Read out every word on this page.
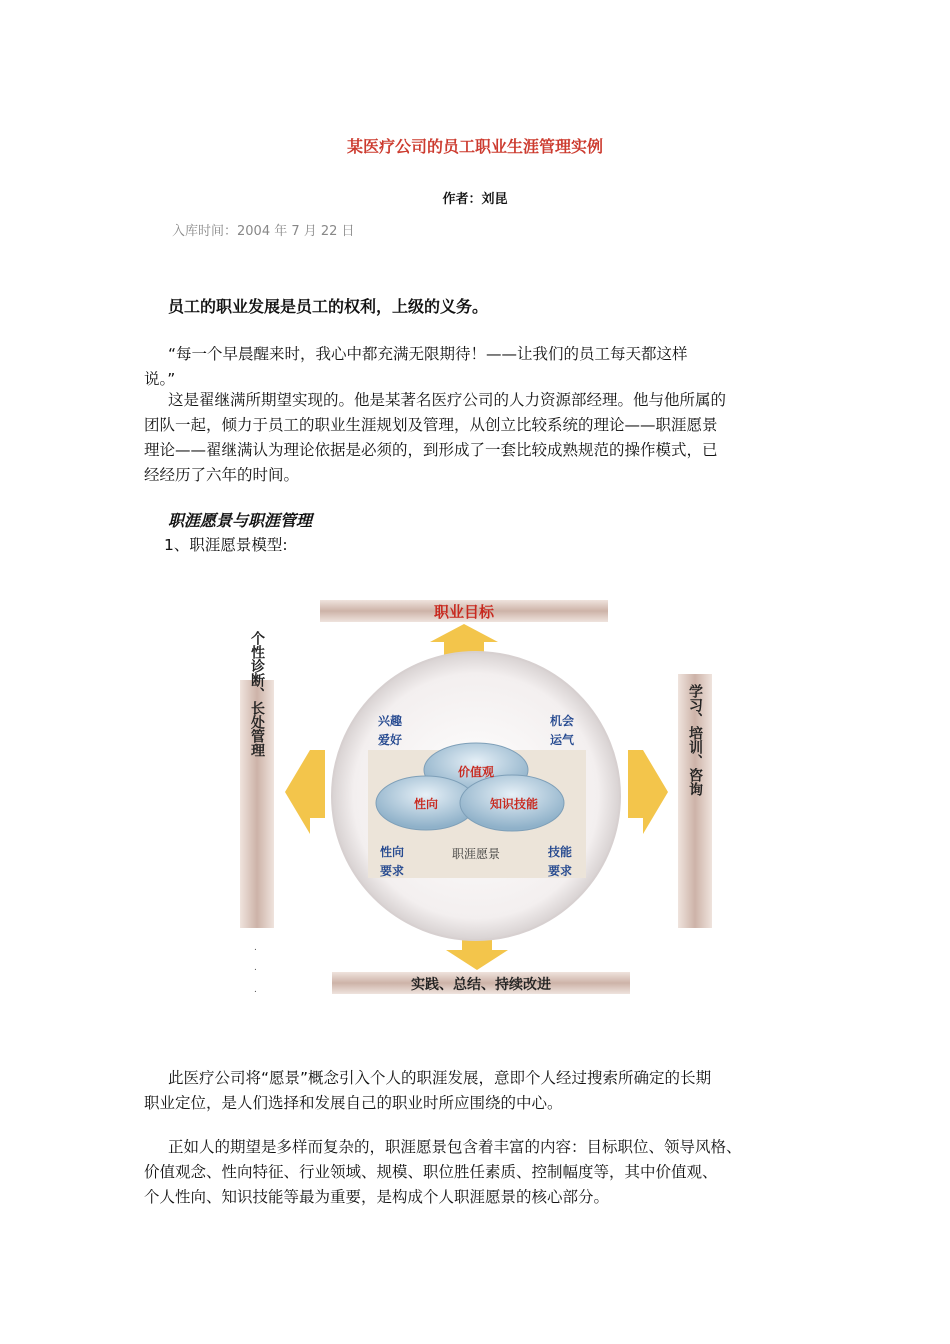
某医疗公司的员工职业生涯管理实例
作者：刘昆
入库时间：2004 年 7 月 22 日
员工的职业发展是员工的权利，上级的义务。
“每一个早晨醒来时，我心中都充满无限期待！——让我们的员工每天都这样
说。”
这是翟继满所期望实现的。他是某著名医疗公司的人力资源部经理。他与他所属的
团队一起，倾力于员工的职业生涯规划及管理，从创立比较系统的理论——职涯愿景
理论——翟继满认为理论依据是必须的，到形成了一套比较成熟规范的操作模式，已
经经历了六年的时间。
职涯愿景与职涯管理
1、职涯愿景模型:
职业目标
个性诊断、长处管理	学习、培训、咨询
实践、总结、持续改进
.
.
.
兴趣
爱好
机会
运气
性向
要求
技能
要求
价值观
性向	知识技能
职涯愿景
此医疗公司将“愿景”概念引入个人的职涯发展，意即个人经过搜索所确定的长期
职业定位，是人们选择和发展自己的职业时所应围绕的中心。
正如人的期望是多样而复杂的，职涯愿景包含着丰富的内容：目标职位、领导风格、
价值观念、性向特征、行业领域、规模、职位胜任素质、控制幅度等，其中价值观、
个人性向、知识技能等最为重要，是构成个人职涯愿景的核心部分。
